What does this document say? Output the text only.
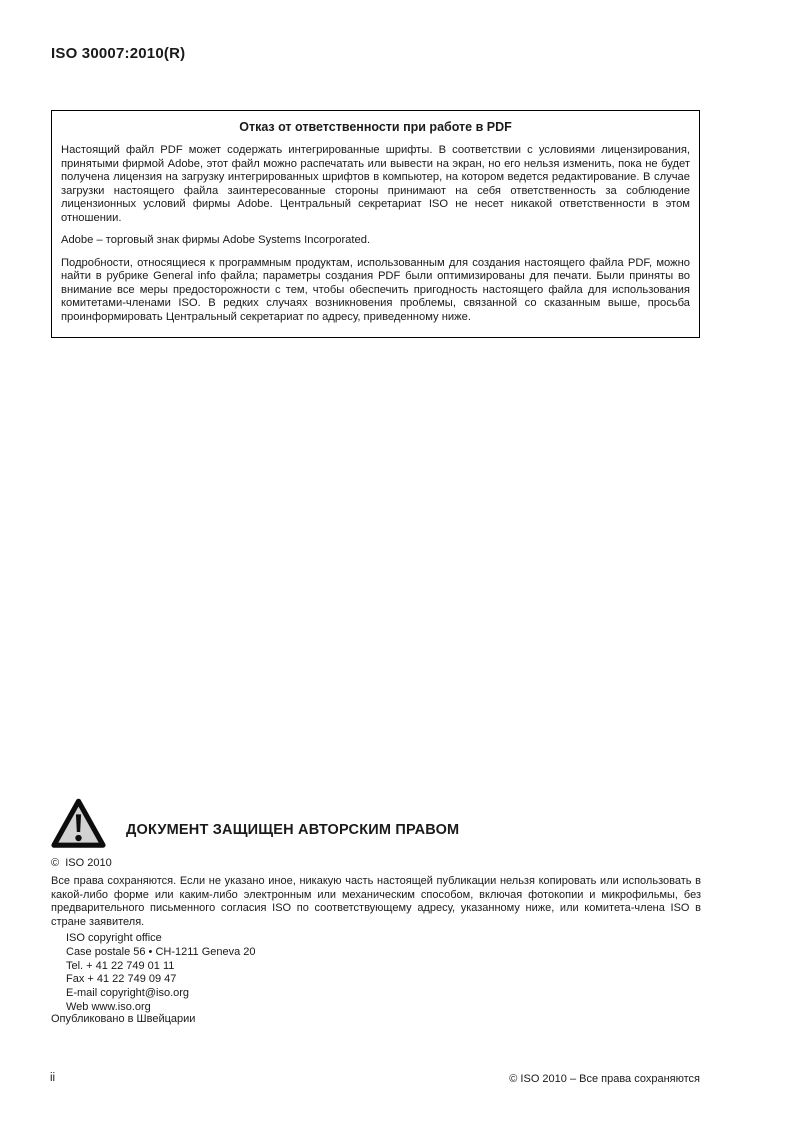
ISO 30007:2010(R)
Отказ от ответственности при работе в PDF

Настоящий файл PDF может содержать интегрированные шрифты. В соответствии с условиями лицензирования, принятыми фирмой Adobe, этот файл можно распечатать или вывести на экран, но его нельзя изменить, пока не будет получена лицензия на загрузку интегрированных шрифтов в компьютер, на котором ведется редактирование. В случае загрузки настоящего файла заинтересованные стороны принимают на себя ответственность за соблюдение лицензионных условий фирмы Adobe. Центральный секретариат ISO не несет никакой ответственности в этом отношении.

Adobe – торговый знак фирмы Adobe Systems Incorporated.

Подробности, относящиеся к программным продуктам, использованным для создания настоящего файла PDF, можно найти в рубрике General info файла; параметры создания PDF были оптимизированы для печати. Были приняты во внимание все меры предосторожности с тем, чтобы обеспечить пригодность настоящего файла для использования комитетами-членами ISO. В редких случаях возникновения проблемы, связанной со сказанным выше, просьба проинформировать Центральный секретариат по адресу, приведенному ниже.

ДОКУМЕНТ ЗАЩИЩЕН АВТОРСКИМ ПРАВОМ
©  ISO 2010
Все права сохраняются. Если не указано иное, никакую часть настоящей публикации нельзя копировать или использовать в какой-либо форме или каким-либо электронным или механическим способом, включая фотокопии и микрофильмы, без предварительного письменного согласия ISO по соответствующему адресу, указанному ниже, или комитета-члена ISO в стране заявителя.
ISO copyright office
Case postale 56 • CH-1211 Geneva 20
Tel. + 41 22 749 01 11
Fax + 41 22 749 09 47
E-mail copyright@iso.org
Web www.iso.org
Опубликовано в Швейцарии
ii	© ISO 2010 – Все права сохраняются
